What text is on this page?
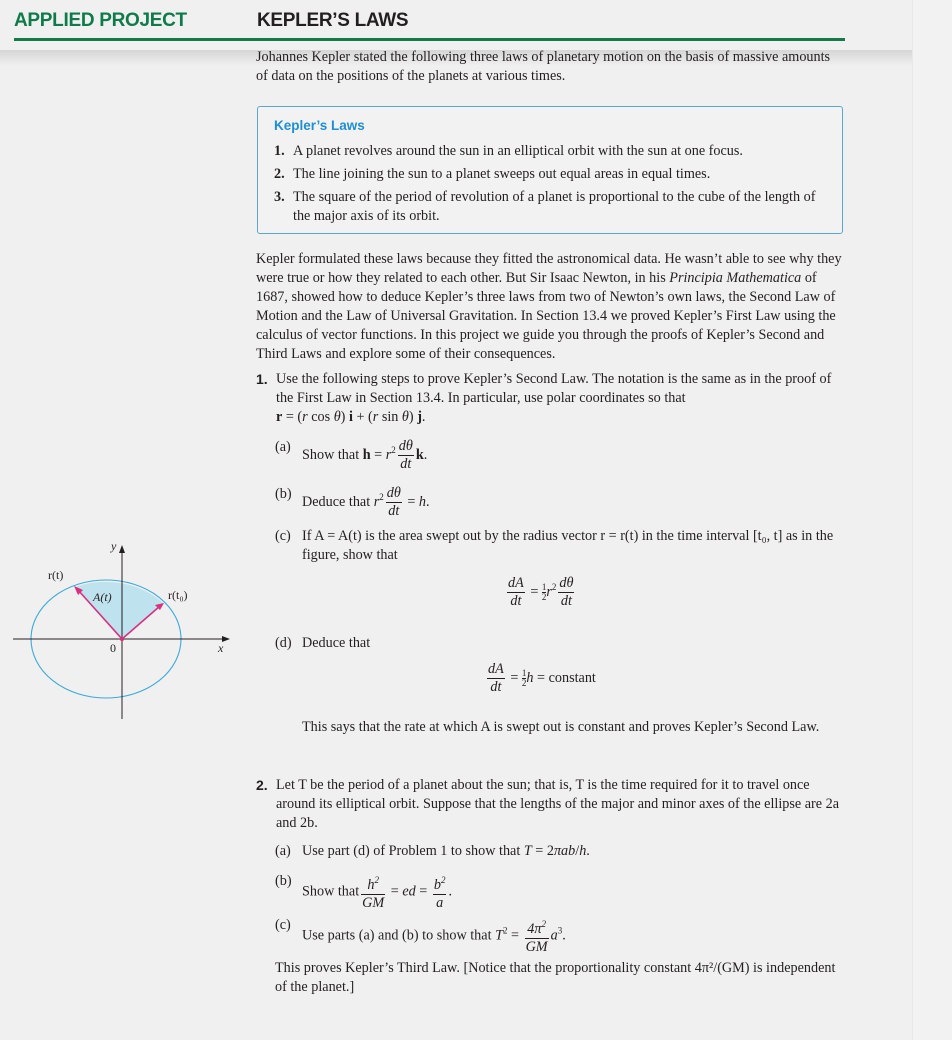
APPLIED PROJECT	KEPLER’S LAWS
Johannes Kepler stated the following three laws of planetary motion on the basis of massive amounts of data on the positions of the planets at various times.
Kepler’s Laws
1. A planet revolves around the sun in an elliptical orbit with the sun at one focus.
2. The line joining the sun to a planet sweeps out equal areas in equal times.
3. The square of the period of revolution of a planet is proportional to the cube of the length of the major axis of its orbit.
Kepler formulated these laws because they fitted the astronomical data. He wasn’t able to see why they were true or how they related to each other. But Sir Isaac Newton, in his Principia Mathematica of 1687, showed how to deduce Kepler’s three laws from two of Newton’s own laws, the Second Law of Motion and the Law of Universal Gravitation. In Section 13.4 we proved Kepler’s First Law using the calculus of vector functions. In this project we guide you through the proofs of Kepler’s Second and Third Laws and explore some of their consequences.
1. Use the following steps to prove Kepler’s Second Law. The notation is the same as in the proof of the First Law in Section 13.4. In particular, use polar coordinates so that
r = (r cos θ) i + (r sin θ) j.
(a) Show that $h = r^2 \frac{d\theta}{dt} k$.
(b) Deduce that $r^2 \frac{d\theta}{dt} = h$.
(c) If A = A(t) is the area swept out by the radius vector r = r(t) in the time interval [t₀, t] as in the figure, show that
$\frac{dA}{dt} = \frac{1}{2} r^2 \frac{d\theta}{dt}$
(d) Deduce that
$\frac{dA}{dt} = \frac{1}{2}$ h = constant
This says that the rate at which A is swept out is constant and proves Kepler’s Second Law.
2. Let T be the period of a planet about the sun; that is, T is the time required for it to travel once around its elliptical orbit. Suppose that the lengths of the major and minor axes of the ellipse are 2a and 2b.
(a) Use part (d) of Problem 1 to show that T = 2πab/h.
(b)
Show that $\frac{h^2}{GM}$ = ed = $\frac{b^2}{a}$ .
(c)
Use parts (a) and (b) to show that $T^2 = \frac{4\pi^2}{GM} a^3$.
This proves Kepler’s Third Law. [Notice that the proportionality constant 4π²/(GM) is independent of the planet.]
y
x
0
r(t)
r(t₀)
A(t)
